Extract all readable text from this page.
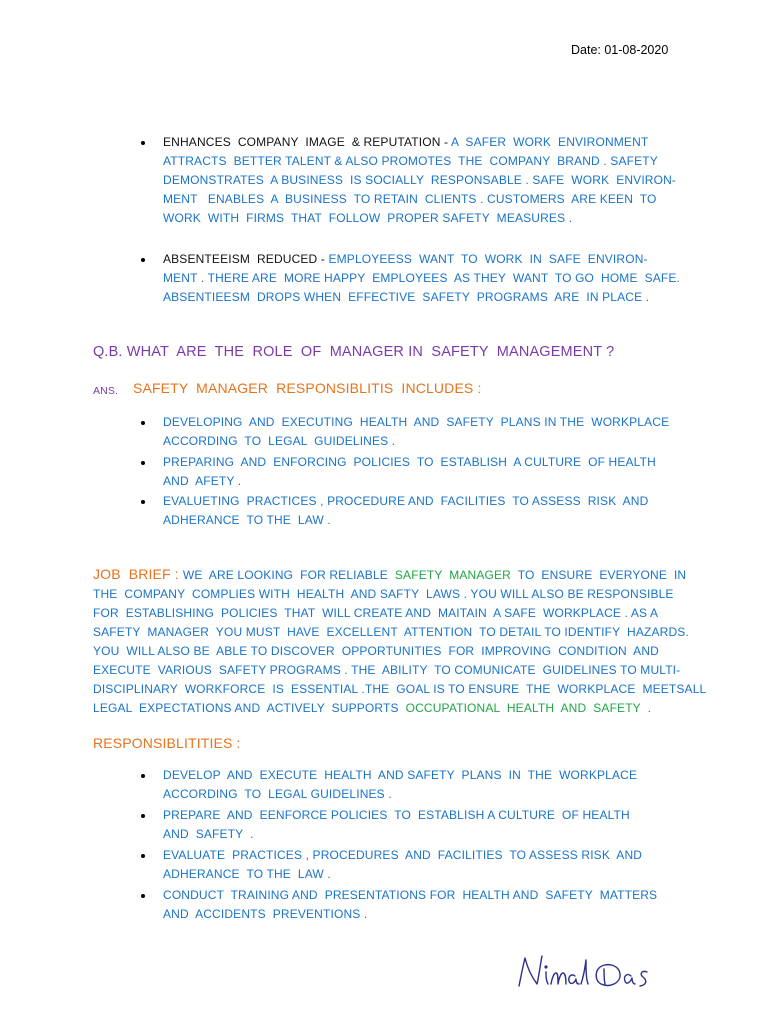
Date: 01-08-2020
ENHANCES  COMPANY  IMAGE  & REPUTATION - A  SAFER  WORK  ENVIRONMENT
ATTRACTS  BETTER TALENT & ALSO PROMOTES  THE  COMPANY  BRAND . SAFETY
DEMONSTRATES  A BUSINESS  IS SOCIALLY  RESPONSABLE . SAFE  WORK  ENVIRON-
MENT   ENABLES  A  BUSINESS  TO RETAIN  CLIENTS . CUSTOMERS  ARE KEEN  TO
WORK  WITH  FIRMS  THAT  FOLLOW  PROPER SAFETY  MEASURES .
ABSENTEEISM  REDUCED - EMPLOYEESS  WANT  TO  WORK  IN  SAFE  ENVIRON-
MENT . THERE ARE  MORE HAPPY  EMPLOYEES  AS THEY  WANT  TO GO  HOME  SAFE.
ABSENTIEESM  DROPS WHEN  EFFECTIVE  SAFETY  PROGRAMS  ARE  IN PLACE .
Q.B. WHAT  ARE  THE  ROLE  OF  MANAGER IN  SAFETY  MANAGEMENT ?
ANS. SAFETY  MANAGER  RESPONSIBLITIS  INCLUDES :
DEVELOPING  AND  EXECUTING  HEALTH  AND  SAFETY  PLANS IN THE  WORKPLACE
ACCORDING  TO  LEGAL  GUIDELINES .
PREPARING  AND  ENFORCING  POLICIES  TO  ESTABLISH  A CULTURE  OF HEALTH
AND  AFETY .
EVALUETING  PRACTICES , PROCEDURE AND  FACILITIES  TO ASSESS  RISK  AND
ADHERANCE  TO THE  LAW .
JOB  BRIEF : WE  ARE LOOKING  FOR RELIABLE  SAFETY  MANAGER  TO  ENSURE  EVERYONE  IN
THE  COMPANY  COMPLIES WITH  HEALTH  AND SAFTY  LAWS . YOU WILL ALSO BE RESPONSIBLE
FOR  ESTABLISHING  POLICIES  THAT  WILL CREATE AND  MAITAIN  A SAFE  WORKPLACE . AS A
SAFETY  MANAGER  YOU MUST  HAVE  EXCELLENT  ATTENTION  TO DETAIL TO IDENTIFY  HAZARDS.
YOU  WILL ALSO BE  ABLE TO DISCOVER  OPPORTUNITIES  FOR  IMPROVING  CONDITION  AND
EXECUTE  VARIOUS  SAFETY PROGRAMS . THE  ABILITY  TO COMUNICATE  GUIDELINES TO MULTI-
DISCIPLINARY  WORKFORCE  IS  ESSENTIAL .THE  GOAL IS TO ENSURE  THE  WORKPLACE  MEETSALL
LEGAL  EXPECTATIONS AND  ACTIVELY  SUPPORTS  OCCUPATIONAL  HEALTH  AND  SAFETY  .
RESPONSIBLITITIES :
DEVELOP  AND  EXECUTE  HEALTH  AND SAFETY  PLANS  IN  THE  WORKPLACE
ACCORDING  TO  LEGAL GUIDELINES .
PREPARE  AND  EENFORCE POLICIES  TO  ESTABLISH A CULTURE  OF HEALTH
AND  SAFETY  .
EVALUATE  PRACTICES , PROCEDURES  AND  FACILITIES  TO ASSESS RISK  AND
ADHERANCE  TO THE  LAW .
CONDUCT  TRAINING AND  PRESENTATIONS FOR  HEALTH AND  SAFETY  MATTERS
AND  ACCIDENTS  PREVENTIONS .
